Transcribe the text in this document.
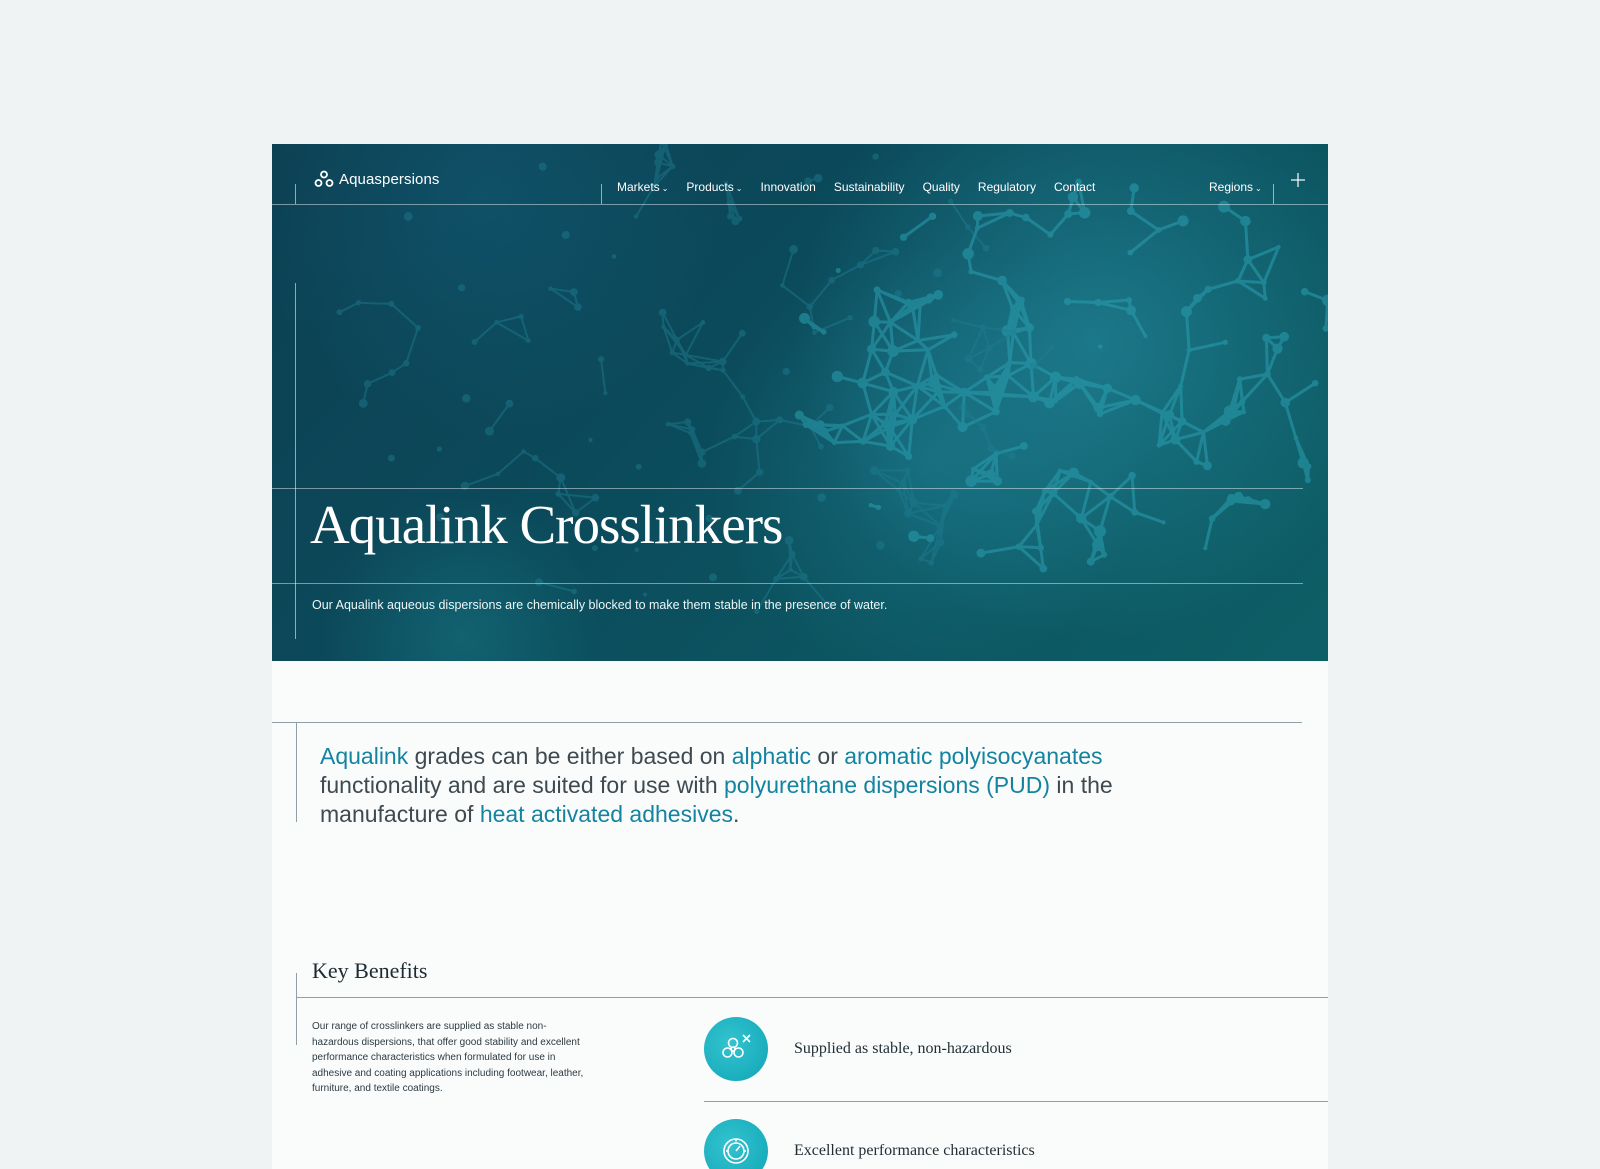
Aquaspersions	Markets ⌄ Products ⌄ Innovation Sustainability Quality Regulatory Contact	Regions ⌄
Aqualink Crosslinkers
Our Aqualink aqueous dispersions are chemically blocked to make them stable in the presence of water.

Aqualink grades can be either based on alphatic or aromatic polyisocyanates
functionality and are suited for use with polyurethane dispersions (PUD) in the manufacture of heat activated adhesives.

Key Benefits
Our range of crosslinkers are supplied as stable non-hazardous dispersions, that offer good stability and excellent performance characteristics when formulated for use in adhesive and coating applications including footwear, leather, furniture, and textile coatings.
Supplied as stable, non-hazardous
Excellent performance characteristics
